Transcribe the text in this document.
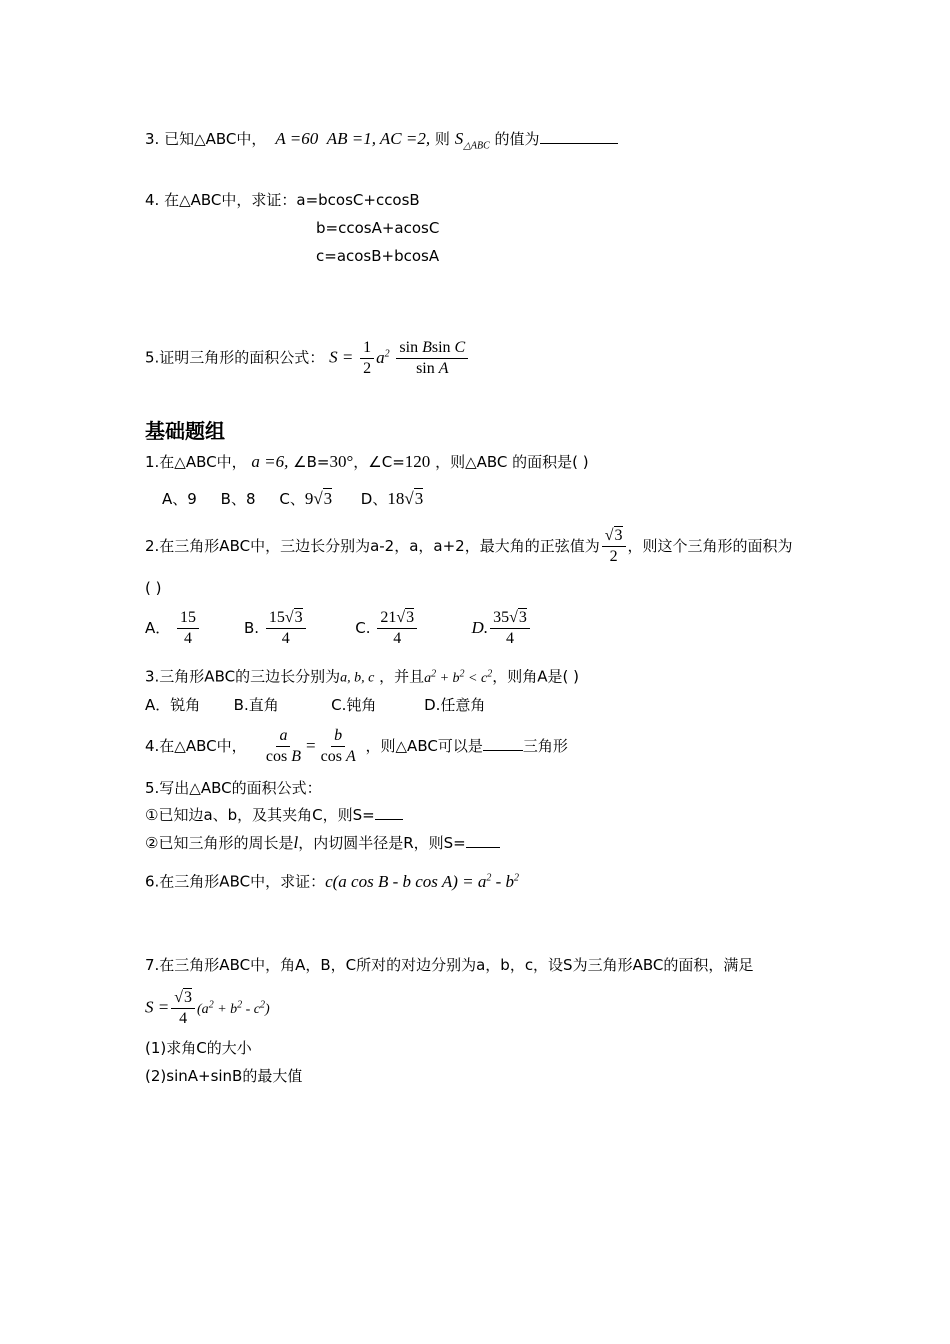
3. 已知△ABC中，  A =60  AB =1, AC =2, 则 $S_{\triangle ABC}$ 的值为
4. 在△ABC中，求证：a=bcosC+ccosB
b=ccosA+acosC
c=acosB+bcosA
5.证明三角形的面积公式： $S = \frac{1}{2} a^2 \frac{\text{sin Bsin C}}{\text{sin A}}$
基础题组
1.在△ABC中， a =6, ∠B=30°，∠C=120 ，则△ABC 的面积是( )
A、9 B、8 C、9√3 D、18√3
2.在三角形ABC中，三边长分别为a-2，a，a+2，最大角的正弦值为 $\frac{√3}{2}$ ，则这个三角形的面积为
( )
A． $\frac{15}{4}$	B. $\frac{15√3}{4}$	C. $\frac{21√3}{4}$	D. $\frac{35√3}{4}$
3.三角形ABC的三边长分别为a, b, c ，并且$a^2 + b^2 < c^2$，则角A是( )
A．锐角 B.直角	C.钝角	D.任意角
4.在△ABC中， $\frac{a}{\text{cos B}} = \frac{b}{\text{cos A}}$ ，则△ABC可以是	三角形
5.写出△ABC的面积公式：
①已知边a、b，及其夹角C，则S=
②已知三角形的周长是l，内切圆半径是R，则S=
6.在三角形ABC中，求证：c(a cos B - b $\cos A) = a^2 - b^2$
7.在三角形ABC中，角A，B，C所对的对边分别为a，b，c，设S为三角形ABC的面积，满足
$S = \frac{√3}{4} (a^2 + b^2 - c^2)$
(1)求角C的大小
(2)sinA+sinB的最大值
